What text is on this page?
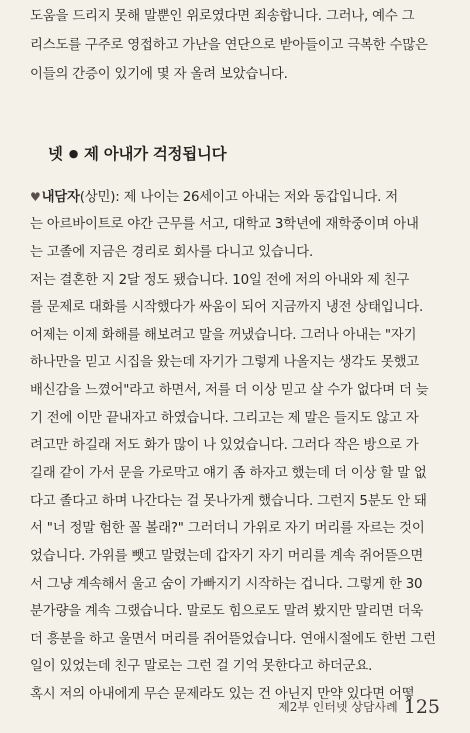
도움을 드리지 못해 말뿐인 위로였다면 죄송합니다. 그러나, 예수 그
리스도를 구주로 영접하고 가난을 연단으로 받아들이고 극복한 수많은
이들의 간증이 있기에 몇 자 올려 보았습니다.
넷 ● 제 아내가 걱정됩니다
♥내담자(상민): 제 나이는 26세이고 아내는 저와 동갑입니다. 저
는 아르바이트로 야간 근무를 서고, 대학교 3학년에 재학중이며 아내
는 고졸에 지금은 경리로 회사를 다니고 있습니다.
저는 결혼한 지 2달 정도 됐습니다. 10일 전에 저의 아내와 제 친구
를 문제로 대화를 시작했다가 싸움이 되어 지금까지 냉전 상태입니다.
어제는 이제 화해를 해보려고 말을 꺼냈습니다. 그러나 아내는 "자기
하나만을 믿고 시집을 왔는데 자기가 그렇게 나올지는 생각도 못했고
배신감을 느꼈어"라고 하면서, 저를 더 이상 믿고 살 수가 없다며 더 늦
기 전에 이만 끝내자고 하였습니다. 그리고는 제 말은 들지도 않고 자
려고만 하길래 저도 화가 많이 나 있었습니다. 그러다 작은 방으로 가
길래 같이 가서 문을 가로막고 얘기 좀 하자고 했는데 더 이상 할 말 없
다고 졸다고 하며 나간다는 걸 못나가게 했습니다. 그런지 5분도 안 돼
서 "너 정말 험한 꼴 볼래?" 그러더니 가위로 자기 머리를 자르는 것이
었습니다. 가위를 뺏고 말렸는데 갑자기 자기 머리를 계속 쥐어뜯으면
서 그냥 계속해서 울고 숨이 가빠지기 시작하는 겁니다. 그렇게 한 30
분가량을 계속 그랬습니다. 말로도 힘으로도 말려 봤지만 말리면 더욱
더 흥분을 하고 울면서 머리를 쥐어뜯었습니다. 연애시절에도 한번 그런
일이 있었는데 친구 말로는 그런 걸 기억 못한다고 하더군요.
혹시 저의 아내에게 무슨 문제라도 있는 건 아닌지 만약 있다면 어떻
제2부 인터넷 상담사례 125
